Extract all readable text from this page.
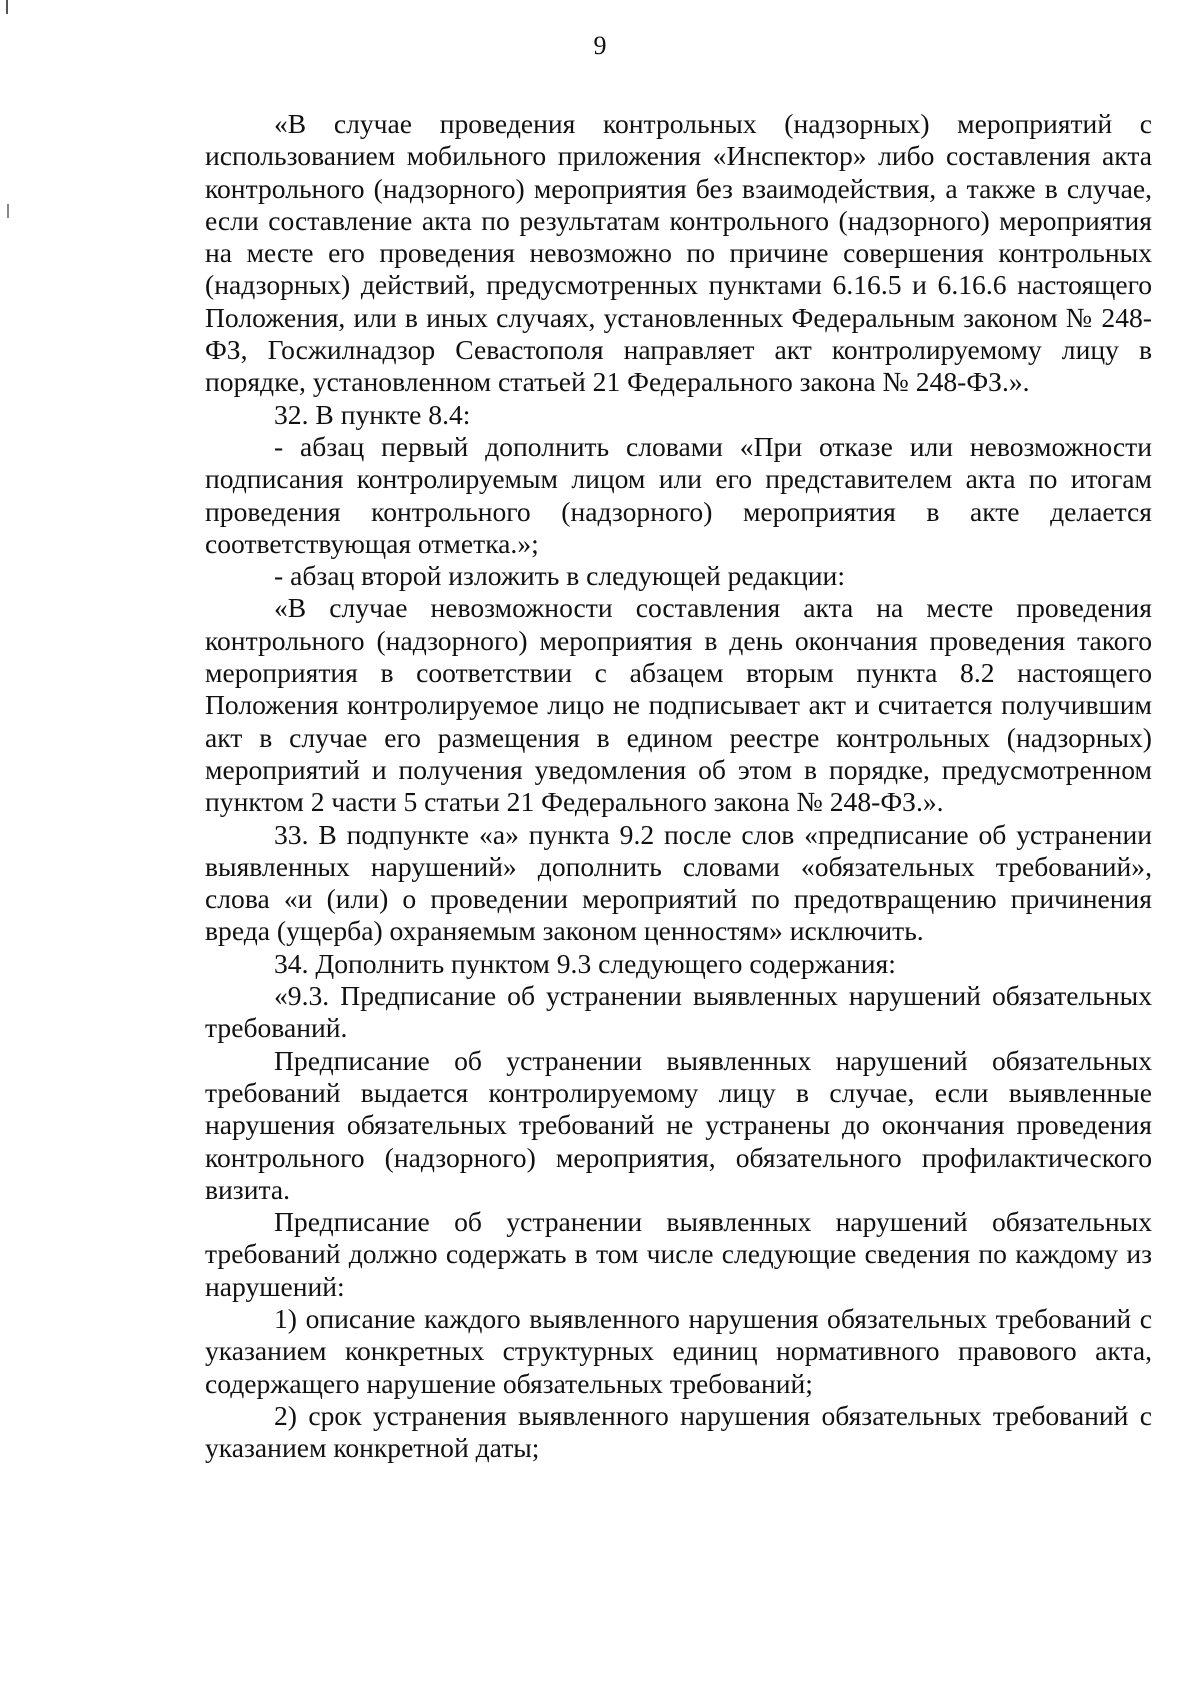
9

«В случае проведения контрольных (надзорных) мероприятий с использованием мобильного приложения «Инспектор» либо составления акта контрольного (надзорного) мероприятия без взаимодействия, а также в случае, если составление акта по результатам контрольного (надзорного) мероприятия на месте его проведения невозможно по причине совершения контрольных (надзорных) действий, предусмотренных пунктами 6.16.5 и 6.16.6 настоящего Положения, или в иных случаях, установленных Федеральным законом № 248-ФЗ, Госжилнадзор Севастополя направляет акт контролируемому лицу в порядке, установленном статьей 21 Федерального закона № 248-ФЗ.».

32. В пункте 8.4:

- абзац первый дополнить словами «При отказе или невозможности подписания контролируемым лицом или его представителем акта по итогам проведения контрольного (надзорного) мероприятия в акте делается соответствующая отметка.»;

- абзац второй изложить в следующей редакции:

«В случае невозможности составления акта на месте проведения контрольного (надзорного) мероприятия в день окончания проведения такого мероприятия в соответствии с абзацем вторым пункта 8.2 настоящего Положения контролируемое лицо не подписывает акт и считается получившим акт в случае его размещения в едином реестре контрольных (надзорных) мероприятий и получения уведомления об этом в порядке, предусмотренном пунктом 2 части 5 статьи 21 Федерального закона № 248-ФЗ.».

33. В подпункте «а» пункта 9.2 после слов «предписание об устранении выявленных нарушений» дополнить словами «обязательных требований», слова «и (или) о проведении мероприятий по предотвращению причинения вреда (ущерба) охраняемым законом ценностям» исключить.

34. Дополнить пунктом 9.3 следующего содержания:

«9.3. Предписание об устранении выявленных нарушений обязательных требований.

Предписание об устранении выявленных нарушений обязательных требований выдается контролируемому лицу в случае, если выявленные нарушения обязательных требований не устранены до окончания проведения контрольного (надзорного) мероприятия, обязательного профилактического визита.

Предписание об устранении выявленных нарушений обязательных требований должно содержать в том числе следующие сведения по каждому из нарушений:

1) описание каждого выявленного нарушения обязательных требований с указанием конкретных структурных единиц нормативного правового акта, содержащего нарушение обязательных требований;

2) срок устранения выявленного нарушения обязательных требований с указанием конкретной даты;
